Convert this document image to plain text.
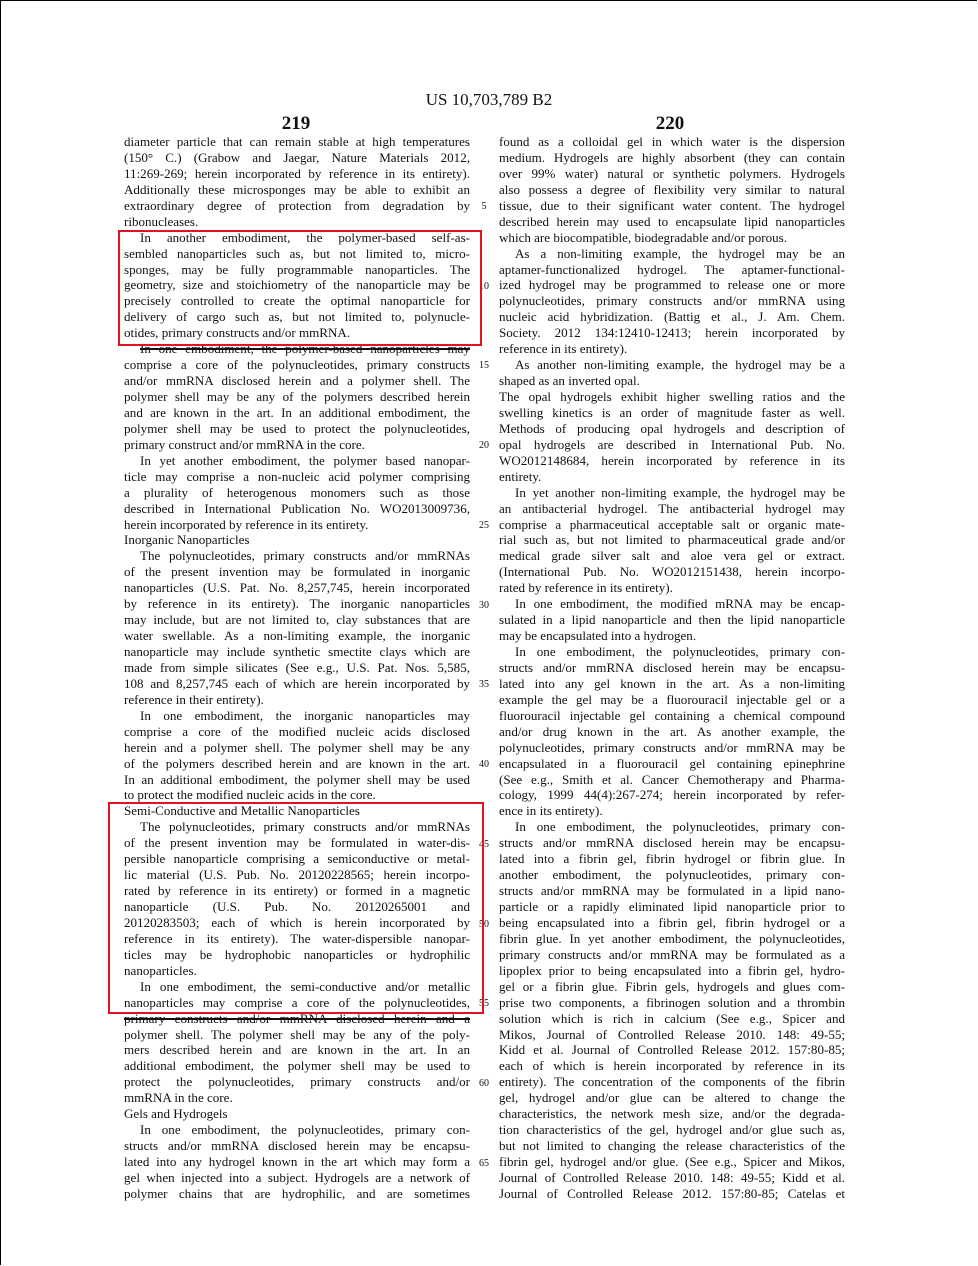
US 10,703,789 B2
219	220
diameter particle that can remain stable at high temperatures
(150° C.) (Grabow and Jaegar, Nature Materials 2012,
11:269-269; herein incorporated by reference in its entirety).
Additionally these microsponges may be able to exhibit an
extraordinary degree of protection from degradation by
ribonucleases.
In another embodiment, the polymer-based self-as-
sembled nanoparticles such as, but not limited to, micro-
sponges, may be fully programmable nanoparticles. The
geometry, size and stoichiometry of the nanoparticle may be
precisely controlled to create the optimal nanoparticle for
delivery of cargo such as, but not limited to, polynucle-
otides, primary constructs and/or mmRNA.
In one embodiment, the polymer-based nanoparticles may
comprise a core of the polynucleotides, primary constructs
and/or mmRNA disclosed herein and a polymer shell. The
polymer shell may be any of the polymers described herein
and are known in the art. In an additional embodiment, the
polymer shell may be used to protect the polynucleotides,
primary construct and/or mmRNA in the core.
In yet another embodiment, the polymer based nanopar-
ticle may comprise a non-nucleic acid polymer comprising
a plurality of heterogenous monomers such as those
described in International Publication No. WO2013009736,
herein incorporated by reference in its entirety.
Inorganic Nanoparticles
The polynucleotides, primary constructs and/or mmRNAs
of the present invention may be formulated in inorganic
nanoparticles (U.S. Pat. No. 8,257,745, herein incorporated
by reference in its entirety). The inorganic nanoparticles
may include, but are not limited to, clay substances that are
water swellable. As a non-limiting example, the inorganic
nanoparticle may include synthetic smectite clays which are
made from simple silicates (See e.g., U.S. Pat. Nos. 5,585,
108 and 8,257,745 each of which are herein incorporated by
reference in their entirety).
In one embodiment, the inorganic nanoparticles may
comprise a core of the modified nucleic acids disclosed
herein and a polymer shell. The polymer shell may be any
of the polymers described herein and are known in the art.
In an additional embodiment, the polymer shell may be used
to protect the modified nucleic acids in the core.
Semi-Conductive and Metallic Nanoparticles
The polynucleotides, primary constructs and/or mmRNAs
of the present invention may be formulated in water-dis-
persible nanoparticle comprising a semiconductive or metal-
lic material (U.S. Pub. No. 20120228565; herein incorpo-
rated by reference in its entirety) or formed in a magnetic
nanoparticle (U.S. Pub. No. 20120265001 and
20120283503; each of which is herein incorporated by
reference in its entirety). The water-dispersible nanopar-
ticles may be hydrophobic nanoparticles or hydrophilic
nanoparticles.
In one embodiment, the semi-conductive and/or metallic
nanoparticles may comprise a core of the polynucleotides,
primary constructs and/or mmRNA disclosed herein and a
polymer shell. The polymer shell may be any of the poly-
mers described herein and are known in the art. In an
additional embodiment, the polymer shell may be used to
protect the polynucleotides, primary constructs and/or
mmRNA in the core.
Gels and Hydrogels
In one embodiment, the polynucleotides, primary con-
structs and/or mmRNA disclosed herein may be encapsu-
lated into any hydrogel known in the art which may form a
gel when injected into a subject. Hydrogels are a network of
polymer chains that are hydrophilic, and are sometimes
5
10
15
20
25
30
35
40
45
50
55
60
65
found as a colloidal gel in which water is the dispersion
medium. Hydrogels are highly absorbent (they can contain
over 99% water) natural or synthetic polymers. Hydrogels
also possess a degree of flexibility very similar to natural
tissue, due to their significant water content. The hydrogel
described herein may used to encapsulate lipid nanoparticles
which are biocompatible, biodegradable and/or porous.
As a non-limiting example, the hydrogel may be an
aptamer-functionalized hydrogel. The aptamer-functional-
ized hydrogel may be programmed to release one or more
polynucleotides, primary constructs and/or mmRNA using
nucleic acid hybridization. (Battig et al., J. Am. Chem.
Society. 2012 134:12410-12413; herein incorporated by
reference in its entirety).
As another non-limiting example, the hydrogel may be a
shaped as an inverted opal.
The opal hydrogels exhibit higher swelling ratios and the
swelling kinetics is an order of magnitude faster as well.
Methods of producing opal hydrogels and description of
opal hydrogels are described in International Pub. No.
WO2012148684, herein incorporated by reference in its
entirety.
In yet another non-limiting example, the hydrogel may be
an antibacterial hydrogel. The antibacterial hydrogel may
comprise a pharmaceutical acceptable salt or organic mate-
rial such as, but not limited to pharmaceutical grade and/or
medical grade silver salt and aloe vera gel or extract.
(International Pub. No. WO2012151438, herein incorpo-
rated by reference in its entirety).
In one embodiment, the modified mRNA may be encap-
sulated in a lipid nanoparticle and then the lipid nanoparticle
may be encapsulated into a hydrogen.
In one embodiment, the polynucleotides, primary con-
structs and/or mmRNA disclosed herein may be encapsu-
lated into any gel known in the art. As a non-limiting
example the gel may be a fluorouracil injectable gel or a
fluorouracil injectable gel containing a chemical compound
and/or drug known in the art. As another example, the
polynucleotides, primary constructs and/or mmRNA may be
encapsulated in a fluorouracil gel containing epinephrine
(See e.g., Smith et al. Cancer Chemotherapy and Pharma-
cology, 1999 44(4):267-274; herein incorporated by refer-
ence in its entirety).
In one embodiment, the polynucleotides, primary con-
structs and/or mmRNA disclosed herein may be encapsu-
lated into a fibrin gel, fibrin hydrogel or fibrin glue. In
another embodiment, the polynucleotides, primary con-
structs and/or mmRNA may be formulated in a lipid nano-
particle or a rapidly eliminated lipid nanoparticle prior to
being encapsulated into a fibrin gel, fibrin hydrogel or a
fibrin glue. In yet another embodiment, the polynucleotides,
primary constructs and/or mmRNA may be formulated as a
lipoplex prior to being encapsulated into a fibrin gel, hydro-
gel or a fibrin glue. Fibrin gels, hydrogels and glues com-
prise two components, a fibrinogen solution and a thrombin
solution which is rich in calcium (See e.g., Spicer and
Mikos, Journal of Controlled Release 2010. 148: 49-55;
Kidd et al. Journal of Controlled Release 2012. 157:80-85;
each of which is herein incorporated by reference in its
entirety). The concentration of the components of the fibrin
gel, hydrogel and/or glue can be altered to change the
characteristics, the network mesh size, and/or the degrada-
tion characteristics of the gel, hydrogel and/or glue such as,
but not limited to changing the release characteristics of the
fibrin gel, hydrogel and/or glue. (See e.g., Spicer and Mikos,
Journal of Controlled Release 2010. 148: 49-55; Kidd et al.
Journal of Controlled Release 2012. 157:80-85; Catelas et
